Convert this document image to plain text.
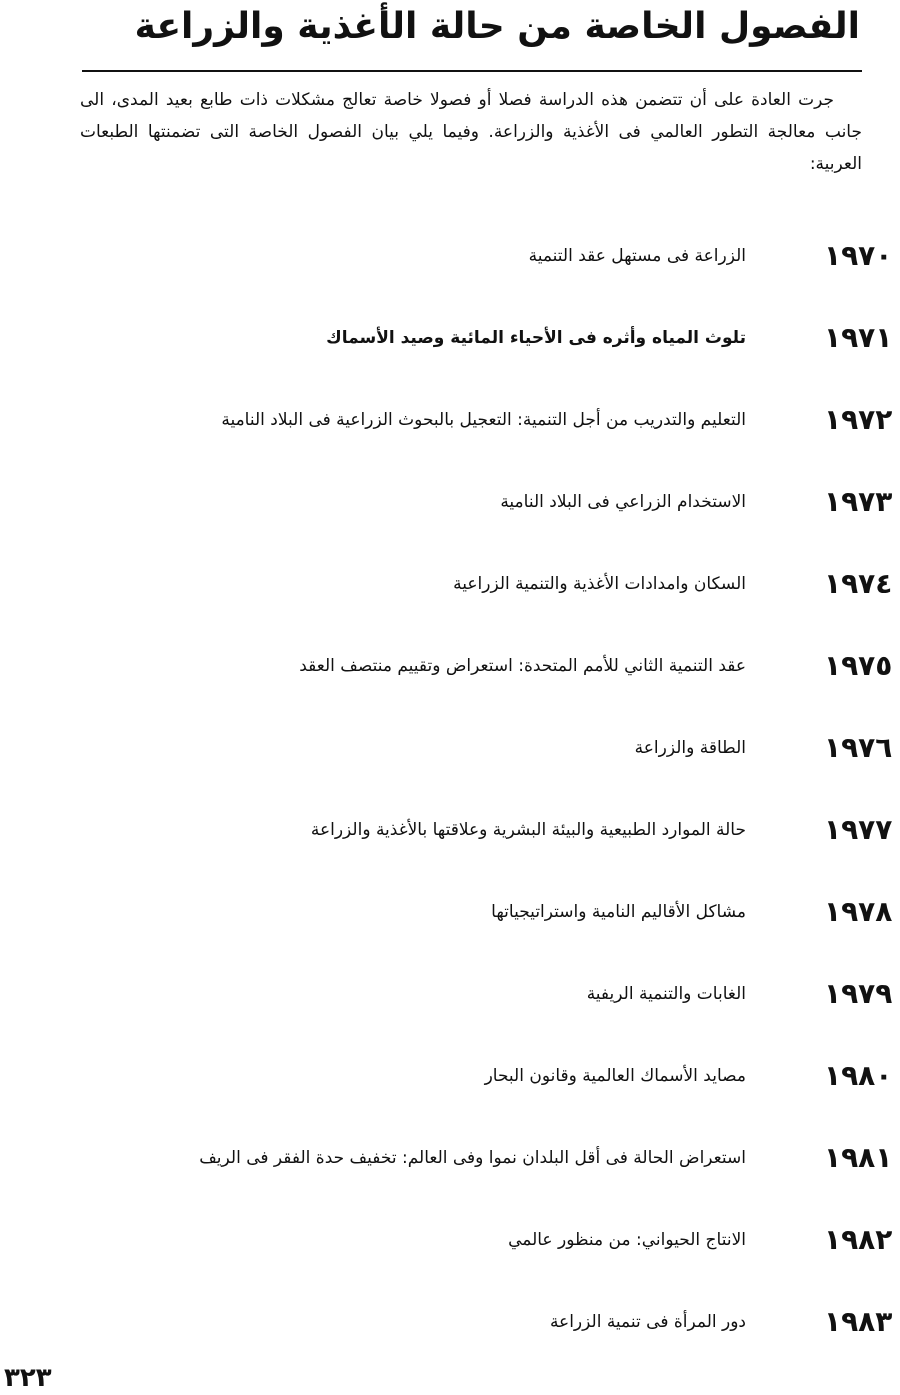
الفصول الخاصة من حالة الأغذية والزراعة

جرت العادة على أن تتضمن هذه الدراسة فصلا أو فصولا خاصة تعالج مشكلات ذات طابع بعيد المدى، الى جانب معالجة التطور العالمي فى الأغذية والزراعة. وفيما يلي بيان الفصول الخاصة التى تضمنتها الطبعات العربية:

١٩٧٠
الزراعة فى مستهل عقد التنمية
١٩٧١
تلوث المياه وأثره فى الأحياء المائية وصيد الأسماك
١٩٧٢
التعليم والتدريب من أجل التنمية: التعجيل بالبحوث الزراعية فى البلاد النامية
١٩٧٣
الاستخدام الزراعي فى البلاد النامية
١٩٧٤
السكان وامدادات الأغذية والتنمية الزراعية
١٩٧٥
عقد التنمية الثاني للأمم المتحدة: استعراض وتقييم منتصف العقد
١٩٧٦
الطاقة والزراعة
١٩٧٧
حالة الموارد الطبيعية والبيئة البشرية وعلاقتها بالأغذية والزراعة
١٩٧٨
مشاكل الأقاليم النامية واستراتيجياتها
١٩٧٩
الغابات والتنمية الريفية
١٩٨٠
مصايد الأسماك العالمية وقانون البحار
١٩٨١
استعراض الحالة فى أقل البلدان نموا وفى العالم: تخفيف حدة الفقر فى الريف
١٩٨٢
الانتاج الحيواني: من منظور عالمي
١٩٨٣
دور المرأة فى تنمية الزراعة
٣٢٣
